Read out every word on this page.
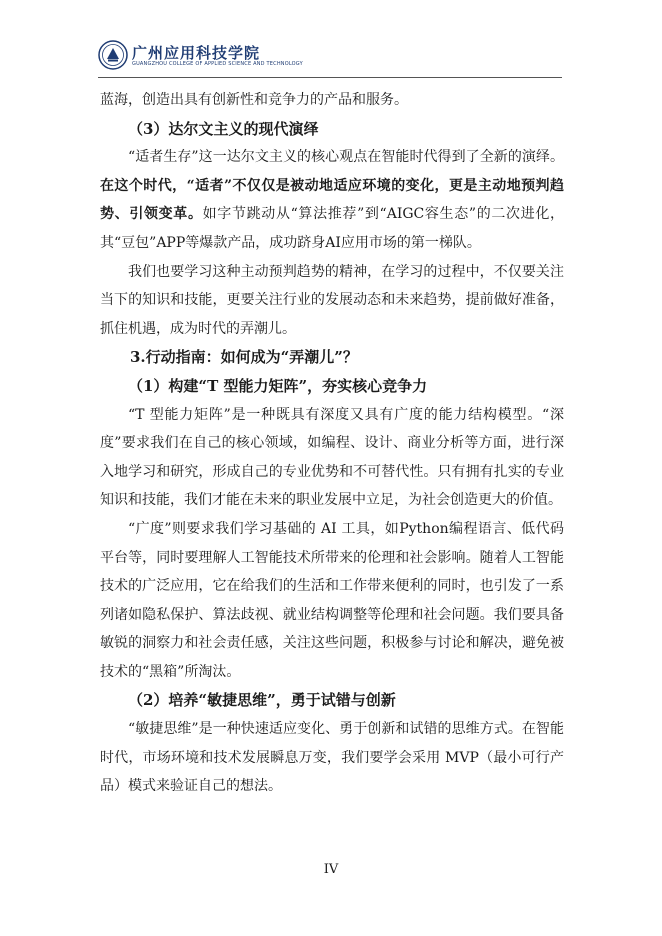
广州应用科技学院
GUANGZHOU COLLEGE OF APPLIED SCIENCE AND TECHNOLOGY

蓝海，创造出具有创新性和竞争力的产品和服务。

（3）达尔文主义的现代演绎

“适者生存”这一达尔文主义的核心观点在智能时代得到了全新的演绎。在这个时代，“适者”不仅仅是被动地适应环境的变化，更是主动地预判趋势、引领变革。如字节跳动从“算法推荐”到“AIGC容生态”的二次进化，其“豆包”APP等爆款产品，成功跻身AI应用市场的第一梯队。

我们也要学习这种主动预判趋势的精神，在学习的过程中，不仅要关注当下的知识和技能，更要关注行业的发展动态和未来趋势，提前做好准备，抓住机遇，成为时代的弄潮儿。

3.行动指南：如何成为“弄潮儿”？

（1）构建“T 型能力矩阵”，夯实核心竞争力

“T 型能力矩阵”是一种既具有深度又具有广度的能力结构模型。“深度”要求我们在自己的核心领域，如编程、设计、商业分析等方面，进行深入地学习和研究，形成自己的专业优势和不可替代性。只有拥有扎实的专业知识和技能，我们才能在未来的职业发展中立足，为社会创造更大的价值。

“广度”则要求我们学习基础的 AI 工具，如Python编程语言、低代码平台等，同时要理解人工智能技术所带来的伦理和社会影响。随着人工智能技术的广泛应用，它在给我们的生活和工作带来便利的同时，也引发了一系列诸如隐私保护、算法歧视、就业结构调整等伦理和社会问题。我们要具备敏锐的洞察力和社会责任感，关注这些问题，积极参与讨论和解决，避免被技术的“黑箱”所淘汰。

（2）培养“敏捷思维”，勇于试错与创新

“敏捷思维”是一种快速适应变化、勇于创新和试错的思维方式。在智能时代，市场环境和技术发展瞬息万变，我们要学会采用 MVP（最小可行产品）模式来验证自己的想法。

IV
